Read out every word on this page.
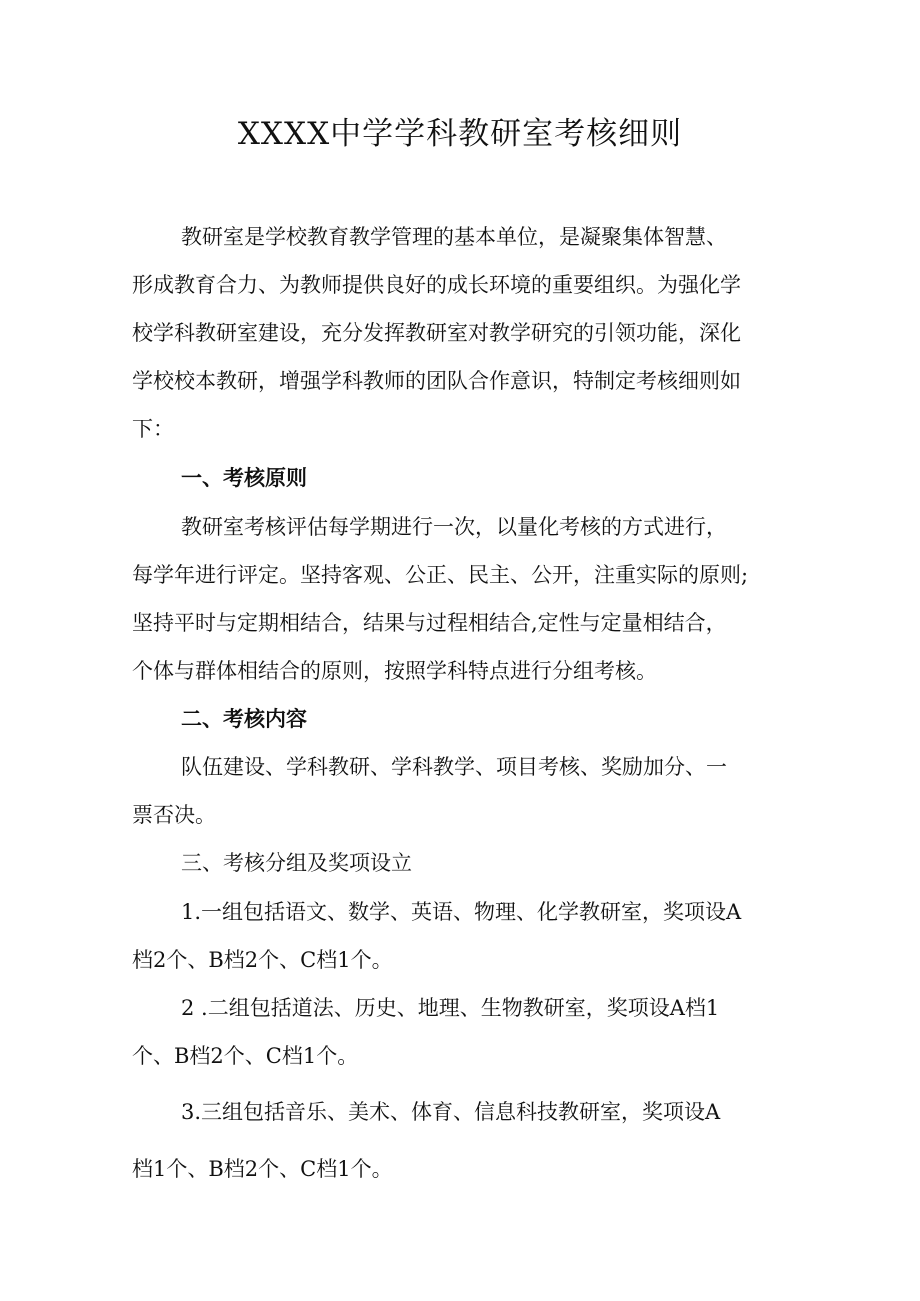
XXXX中学学科教研室考核细则
教研室是学校教育教学管理的基本单位，是凝聚集体智慧、
形成教育合力、为教师提供良好的成长环境的重要组织。为强化学
校学科教研室建设，充分发挥教研室对教学研究的引领功能，深化
学校校本教研，增强学科教师的团队合作意识，特制定考核细则如
下：
一、考核原则
教研室考核评估每学期进行一次，以量化考核的方式进行，
每学年进行评定。坚持客观、公正、民主、公开，注重实际的原则;
坚持平时与定期相结合，结果与过程相结合,定性与定量相结合，
个体与群体相结合的原则，按照学科特点进行分组考核。
二、考核内容
队伍建设、学科教研、学科教学、项目考核、奖励加分、一
票否决。
三、考核分组及奖项设立
1.一组包括语文、数学、英语、物理、化学教研室，奖项设A
档2个、B档2个、C档1个。
2 .二组包括道法、历史、地理、生物教研室，奖项设A档1
个、B档2个、C档1个。
3.三组包括音乐、美术、体育、信息科技教研室，奖项设A
档1个、B档2个、C档1个。
